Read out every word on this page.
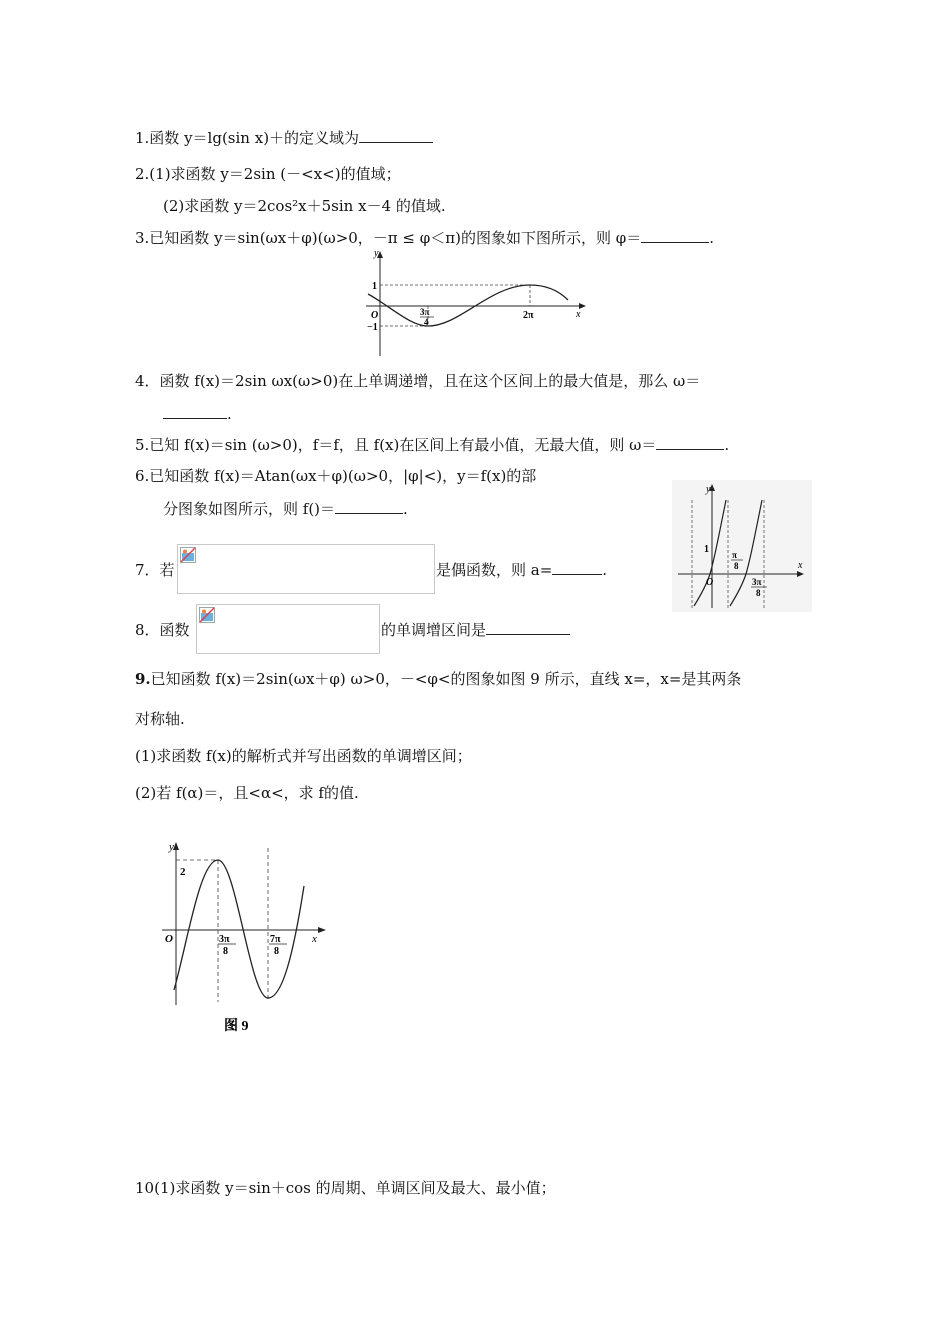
1.函数 y＝lg(sin x)＋的定义域为
2.(1)求函数 y＝2sin (－<x<)的值域；
(2)求函数 y＝2cos²x＋5sin x－4 的值域.
3.已知函数 y＝sin(ωx＋φ)(ω>0，－π ≤ φ＜π)的图象如下图所示，则 φ＝	.
y
1
−1
O	3π
4
2π	x
4．函数 f(x)＝2sin ωx(ω>0)在上单调递增，且在这个区间上的最大值是，那么 ω＝
.
5.已知 f(x)＝sin (ω>0)，f＝f，且 f(x)在区间上有最小值，无最大值，则 ω＝	.
6.已知函数 f(x)＝Atan(ωx＋φ)(ω>0，|φ|<)，y＝f(x)的部
分图象如图所示，则 f()＝	.
y
1
O
π
8
3π
8
x
7．若	是偶函数，则 a=	.
8．函数	的单调增区间是
9.已知函数 f(x)＝2sin(ωx＋φ) ω>0，－<φ<的图象如图 9 所示，直线 x=，x=是其两条
对称轴.
(1)求函数 f(x)的解析式并写出函数的单调增区间；
(2)若 f(α)＝，且<α<，求 f的值.
y
2
O	3π
8
7π
8
x
图 9
10(1)求函数 y＝sin＋cos 的周期、单调区间及最大、最小值；
